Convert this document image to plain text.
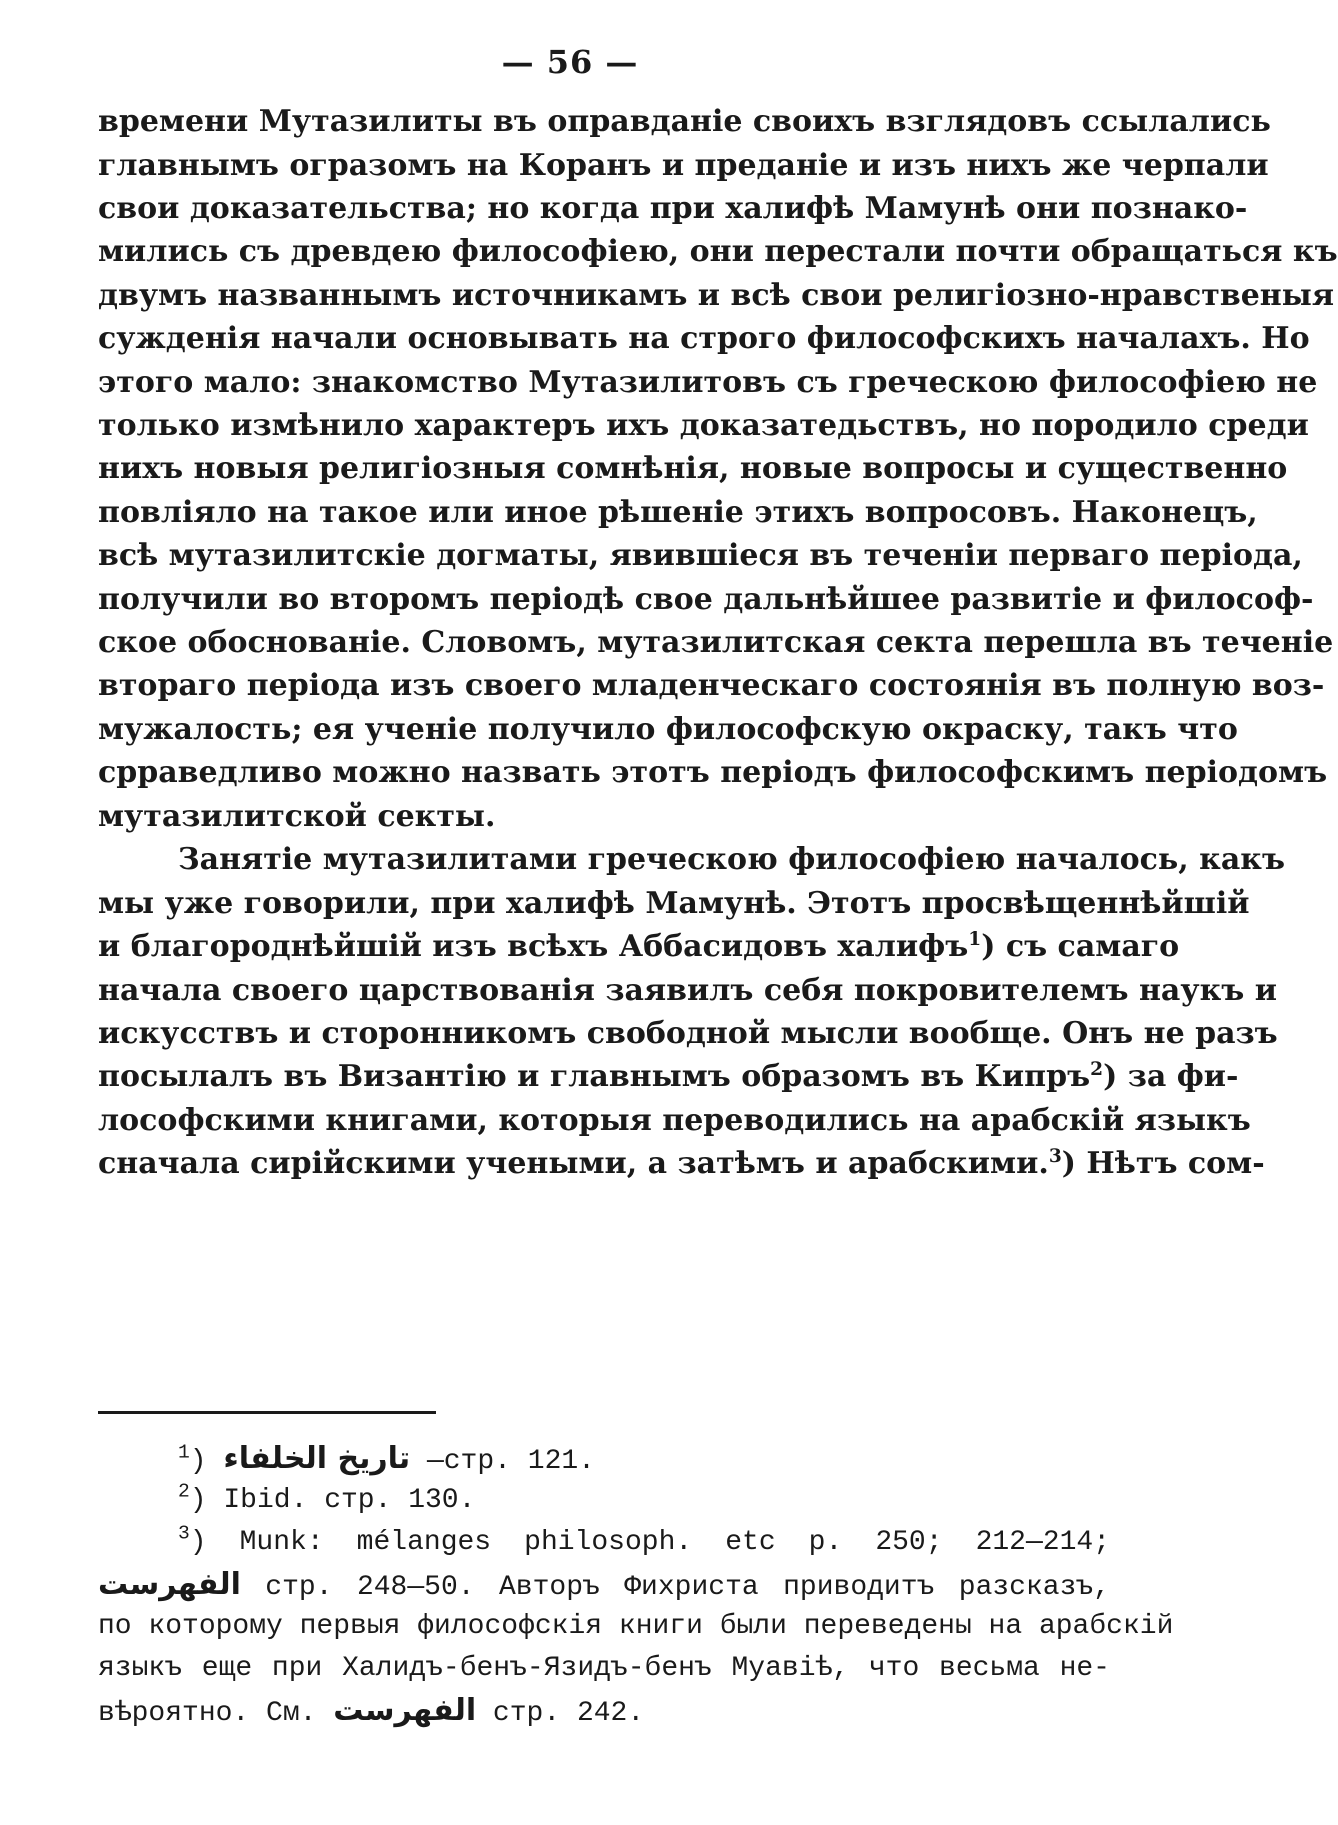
— 56 —
времени Мутазилиты въ оправданіе своихъ взглядовъ ссылались
главнымъ огразомъ на Коранъ и преданіе и изъ нихъ же черпали
свои доказательства; но когда при халифѣ Мамунѣ они познако-
мились съ древдею философіею, они перестали почти обращаться къ
двумъ названнымъ источникамъ и всѣ свои религіозно-нравственыя
сужденія начали основывать на строго философскихъ началахъ. Но
этого мало: знакомство Мутазилитовъ съ греческою философіею не
только измѣнило характеръ ихъ доказатедьствъ, но породило среди
нихъ новыя религіозныя сомнѣнія, новые вопросы и существенно
повліяло на такое или иное рѣшеніе этихъ вопросовъ. Наконецъ,
всѣ мутазилитскіе догматы, явившіеся въ теченіи перваго періода,
получили во второмъ періодѣ свое дальнѣйшее развитіе и философ-
ское обоснованіе. Словомъ, мутазилитская секта перешла въ теченіе
втораго періода изъ своего младенческаго состоянія въ полную воз-
мужалость; ея ученіе получило философскую окраску, такъ что
срраведливо можно назвать этотъ періодъ философскимъ періодомъ
мутазилитской секты.
Занятіе мутазилитами греческою философіею началось, какъ
мы уже говорили, при халифѣ Мамунѣ. Этотъ просвѣщеннѣйшій
и благороднѣйшій изъ всѣхъ Аббасидовъ халифъ$^1$) съ самаго
начала своего царствованія заявилъ себя покровителемъ наукъ и
искусствъ и сторонникомъ свободной мысли вообще. Онъ не разъ
посылалъ въ Византію и главнымъ образомъ въ Кипръ$^2$) за фи-
лософскими книгами, которыя переводились на арабскій языкъ
сначала сирійскими учеными, а затѣмъ и арабскими.$^3$) Нѣтъ сом-
$^1$) تاريخ الخلفاء —стр. 121.
$^2$) Ibid. стр. 130.
$^3$) Munk: mélanges philosoph. etc p. 250; 212—214;
الفهرست стр. 248—50. Авторъ Фихриста приводитъ разсказъ,
по которому первыя философскія книги были переведены на арабскій
языкъ еще при Халидъ-бенъ-Язидъ-бенъ Муавіѣ, что весьма не-
вѣроятно. См. الفهرست стр. 242.
